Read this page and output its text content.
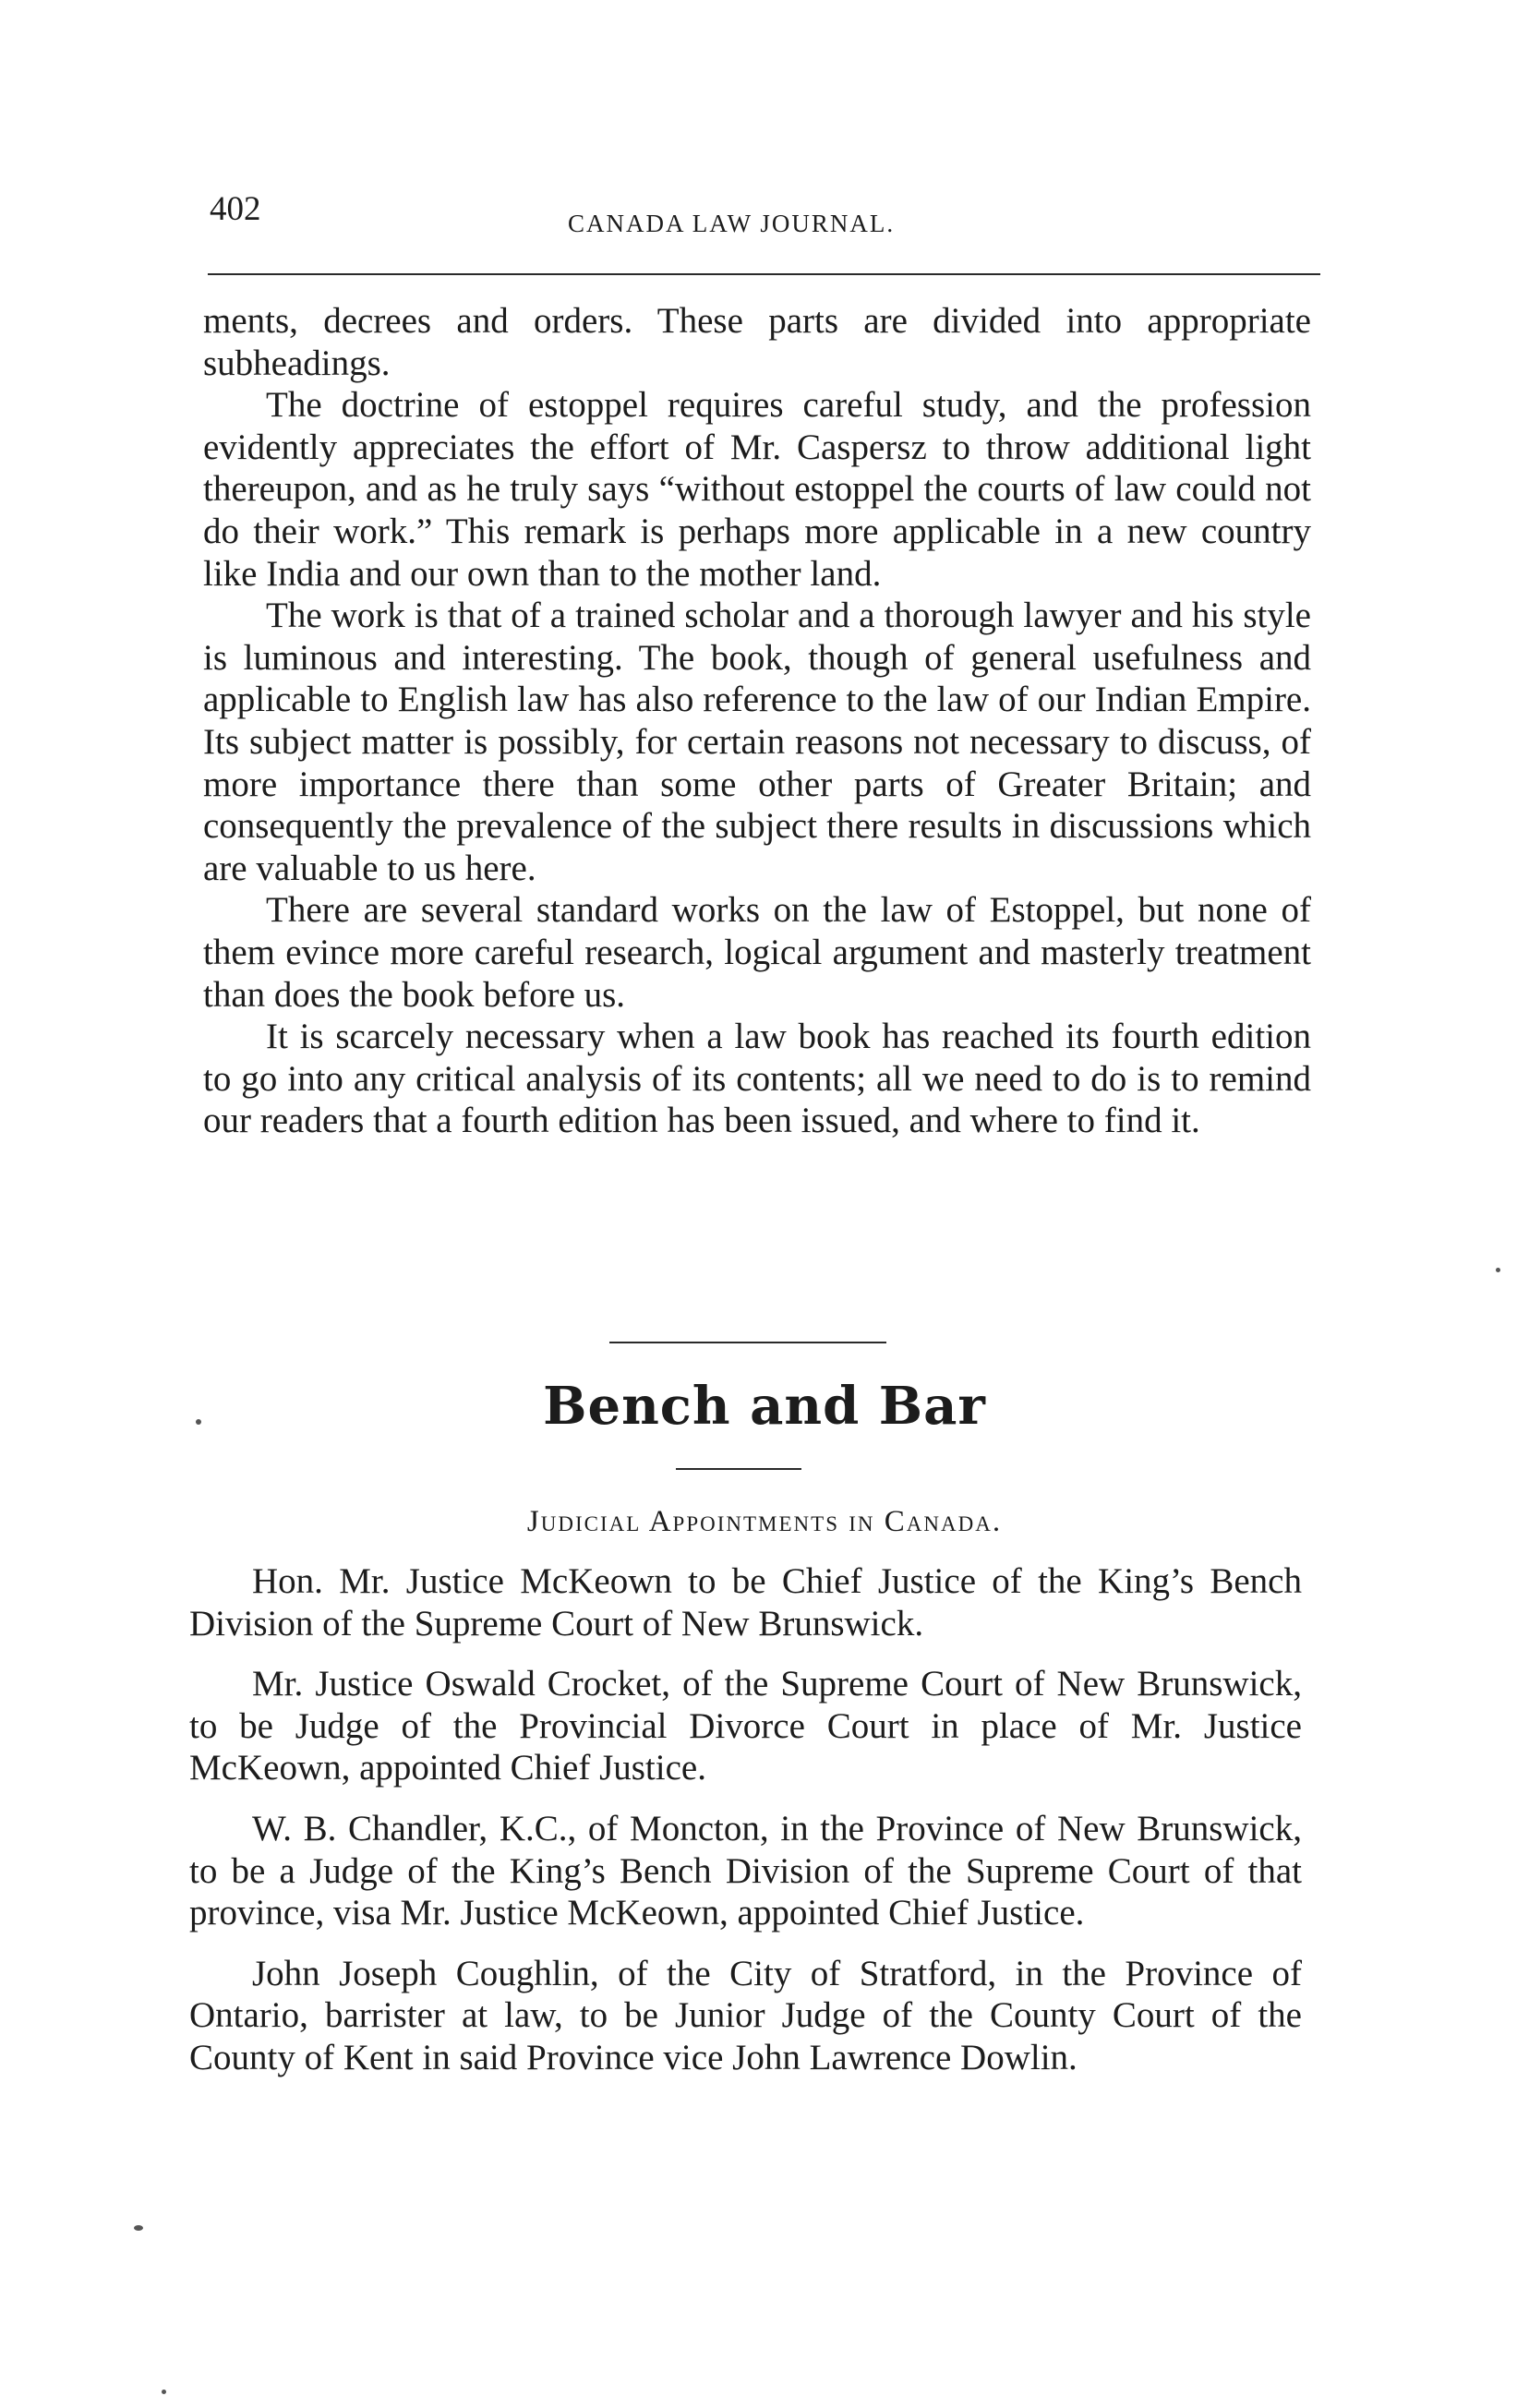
402	CANADA LAW JOURNAL.

ments, decrees and orders. These parts are divided into appropriate subheadings.

The doctrine of estoppel requires careful study, and the profession evidently appreciates the effort of Mr. Caspersz to throw additional light thereupon, and as he truly says “without estoppel the courts of law could not do their work.” This remark is perhaps more applicable in a new country like India and our own than to the mother land.

The work is that of a trained scholar and a thorough lawyer and his style is luminous and interesting. The book, though of general usefulness and applicable to English law has also reference to the law of our Indian Empire. Its subject matter is possibly, for certain reasons not necessary to discuss, of more importance there than some other parts of Greater Britain; and consequently the prevalence of the subject there results in discussions which are valuable to us here.

There are several standard works on the law of Estoppel, but none of them evince more careful research, logical argument and masterly treatment than does the book before us.

It is scarcely necessary when a law book has reached its fourth edition to go into any critical analysis of its contents; all we need to do is to remind our readers that a fourth edition has been issued, and where to find it.

Bench and Bar
Judicial Appointments in Canada.

Hon. Mr. Justice McKeown to be Chief Justice of the King’s Bench Division of the Supreme Court of New Brunswick.

Mr. Justice Oswald Crocket, of the Supreme Court of New Brunswick, to be Judge of the Provincial Divorce Court in place of Mr. Justice McKeown, appointed Chief Justice.

W. B. Chandler, K.C., of Moncton, in the Province of New Brunswick, to be a Judge of the King’s Bench Division of the Supreme Court of that province, visa Mr. Justice McKeown, appointed Chief Justice.

John Joseph Coughlin, of the City of Stratford, in the Province of Ontario, barrister at law, to be Junior Judge of the County Court of the County of Kent in said Province vice John Lawrence Dowlin.
